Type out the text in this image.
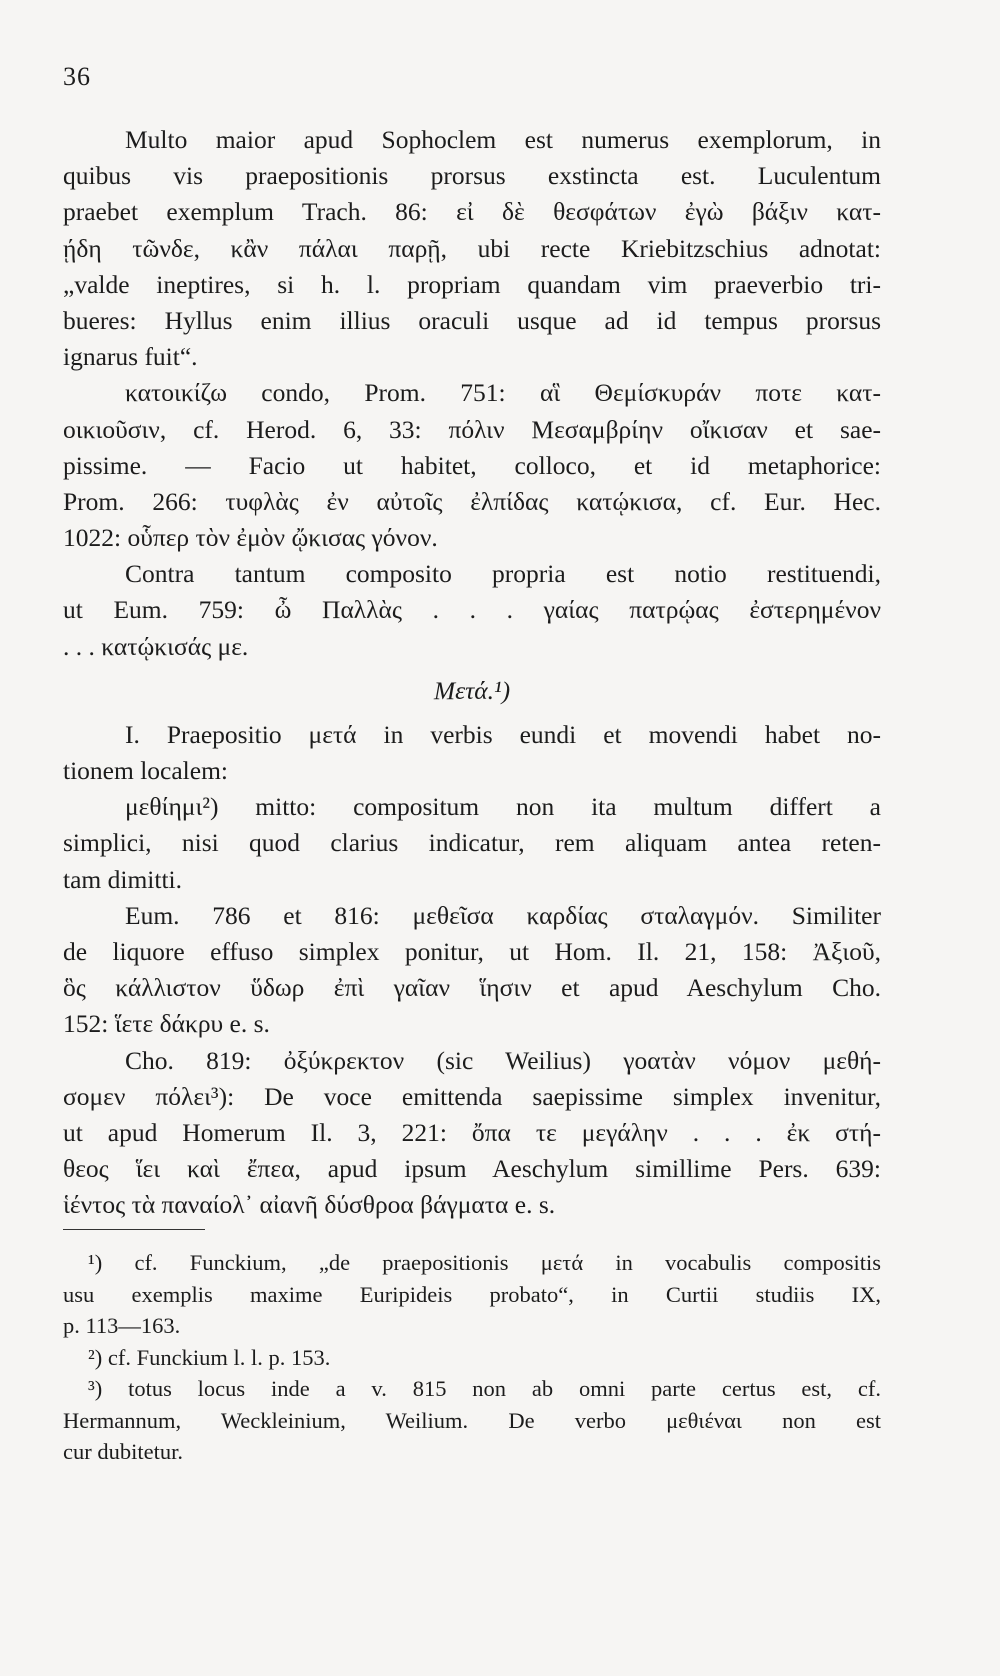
36
Multo maior apud Sophoclem est numerus exemplorum, in
quibus vis praepositionis prorsus exstincta est. Luculentum
praebet exemplum Trach. 86: εἰ δὲ θεσφάτων ἐγὼ βάξιν κατ-
ῄδη τῶνδε, κἂν πάλαι παρῇ, ubi recte Kriebitzschius adnotat:
„valde ineptires, si h. l. propriam quandam vim praeverbio tri-
bueres: Hyllus enim illius oraculi usque ad id tempus prorsus
ignarus fuit“.
κατοικίζω condo, Prom. 751: αἳ Θεμίσκυράν ποτε κατ-
οικιοῦσιν, cf. Herod. 6, 33: πόλιν Μεσαμβρίην οἴκισαν et sae-
pissime. — Facio ut habitet, colloco, et id metaphorice:
Prom. 266: τυφλὰς ἐν αὐτοῖς ἐλπίδας κατῴκισα, cf. Eur. Hec.
1022: οὗπερ τὸν ἐμὸν ᾤκισας γόνον.
Contra tantum composito propria est notio restituendi,
ut Eum. 759: ὦ Παλλὰς . . . γαίας πατρῴας ἐστερημένον
. . . κατῴκισάς με.
Μετά.¹)
I. Praepositio μετά in verbis eundi et movendi habet no-
tionem localem:
μεθίημι²) mitto: compositum non ita multum differt a
simplici, nisi quod clarius indicatur, rem aliquam antea reten-
tam dimitti.
Eum. 786 et 816: μεθεῖσα καρδίας σταλαγμόν. Similiter
de liquore effuso simplex ponitur, ut Hom. Il. 21, 158: Ἀξιοῦ,
ὃς κάλλιστον ὕδωρ ἐπὶ γαῖαν ἵησιν et apud Aeschylum Cho.
152: ἵετε δάκρυ e. s.
Cho. 819: ὀξύκρεκτον (sic Weilius) γοατὰν νόμον μεθή-
σομεν πόλει³): De voce emittenda saepissime simplex invenitur,
ut apud Homerum Il. 3, 221: ὄπα τε μεγάλην . . . ἐκ στή-
θεος ἵει καὶ ἔπεα, apud ipsum Aeschylum simillime Pers. 639:
ἱέντος τὰ παναίολ᾽ αἰανῆ δύσθροα βάγματα e. s.
¹) cf. Funckium, „de praepositionis μετά in vocabulis compositis
usu exemplis maxime Euripideis probato“, in Curtii studiis IX,
p. 113—163.
²) cf. Funckium l. l. p. 153.
³) totus locus inde a v. 815 non ab omni parte certus est, cf.
Hermannum, Weckleinium, Weilium. De verbo μεθιέναι non est
cur dubitetur.
